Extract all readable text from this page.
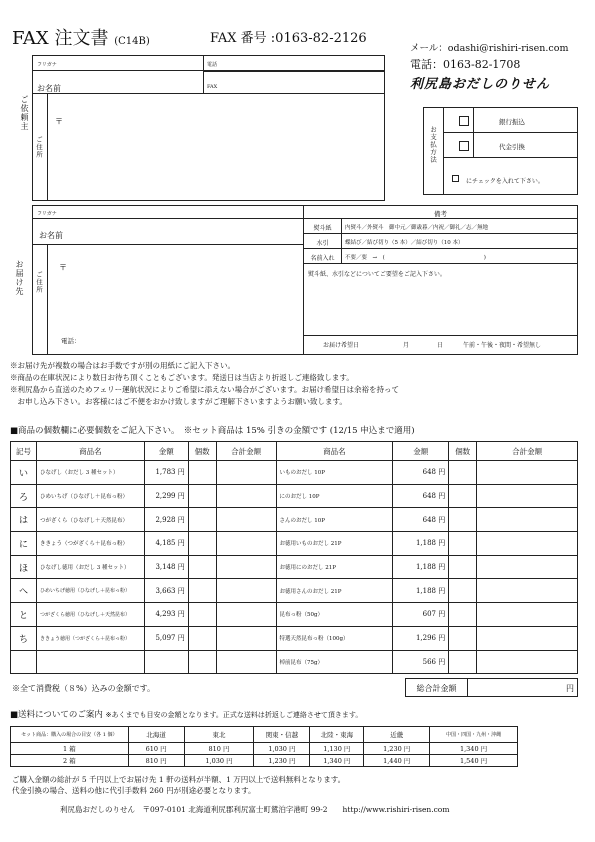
FAX 注文書 (C14B)	FAX 番号 :0163-82-2126
メール：odashi@rishiri-risen.com
電話：0163-82-1708
利尻島おだしのりせん
ご依頼主
フリガナ
お名前
電話
FAX
ご住所
〒
お支払方法
銀行振込
代金引換
にチェックを入れて下さい。
お届け先
フリガナ
お名前
ご住所
〒
電話：
備考
熨斗紙	内熨斗／外熨斗　御中元／御歳暮／内祝／御礼／志／無地
水引	蝶結び／結び切り（5 本）／結び切り（10 本）
名前入れ	不要／要　→　(　　　　　　　　　　　　　　　　　　)
熨斗紙、水引などについてご要望をご記入下さい。
お届け希望日	月	日	午前・午後・夜間・希望無し
※お届け先が複数の場合はお手数ですが別の用紙にご記入下さい。
※商品の在庫状況により数日お待ち頂くこともございます。発送日は当店より折返しご連絡致します。
※利尻島から直送のためフェリー運航状況によりご希望に添えない場合がございます。お届け希望日は余裕を持って
　お申し込み下さい。お客様にはご不便をおかけ致しますがご理解下さいますようお願い致します。
■商品の個数欄に必要個数をご記入下さい。　※セット商品は 15% 引きの金額です (12/15 申込まで適用)
記号	商品名	金額	個数	合計金額	商品名	金額	個数	合計金額
い	ひなげし（おだし 3 種セット）	1,783 円			いものおだし 10P	648 円		
ろ	ひめいちげ（ひなげし＋昆布っ粉）	2,299 円			にのおだし 10P	648 円		
は	つがざくら（ひなげし＋天然昆布）	2,928 円			さんのおだし 10P	648 円		
に	ききょう（つがざくら＋昆布っ粉）	4,185 円			お徳用いものおだし 21P	1,188 円		
ほ	ひなげし徳用（おだし 3 種セット）	3,148 円			お徳用にのおだし 21P	1,188 円		
へ	ひめいちげ徳用（ひなげし＋昆布っ粉）	3,663 円			お徳用さんのおだし 21P	1,188 円		
と	つがざくら徳用（ひなげし＋天然昆布）	4,293 円			昆布っ粉（50g）	607 円		
ち	ききょう徳用（つがざくら＋昆布っ粉）	5,097 円			特選天然昆布っ粉（100g）	1,296 円		
					棹前昆布（75g）	566 円		
※全て消費税（８%）込みの金額です。	総合計金額	円
■送料についてのご案内 ※あくまでも目安の金額となります。正式な送料は折返しご連絡させて頂きます。
セット商品：購入の場合の目安（各 1 個）	北海道	東北	関東・信越	北陸・東海	近畿	中国・四国・九州・沖縄
1 箱	610 円	810 円	1,030 円	1,130 円	1,230 円	1,340 円
2 箱	810 円	1,030 円	1,230 円	1,340 円	1,440 円	1,540 円
ご購入金額の総計が 5 千円以上でお届け先 1 軒の送料が半額、1 万円以上で送料無料となります。
代金引換の場合、送料の他に代引手数料 260 円が別途必要となります。
利尻島おだしのりせん　〒097-0101 北海道利尻郡利尻富士町鴛泊字港町 99-2　　http://www.rishiri-risen.com
